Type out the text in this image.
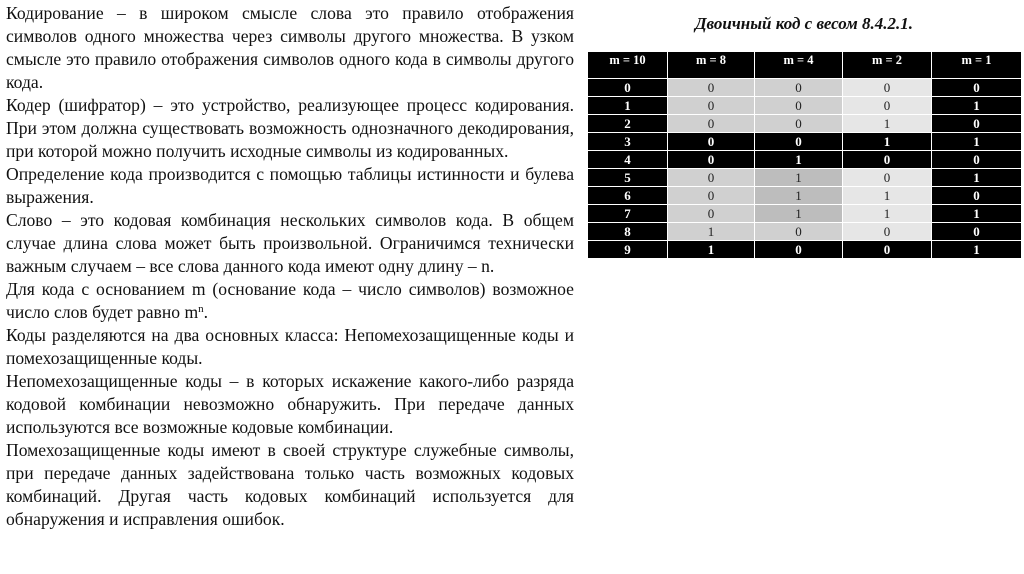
Кодирование – в широком смысле слова это правило отображения символов одного множества через символы другого множества. В узком смысле это правило отображения символов одного кода в символы другого кода.

Кодер (шифратор) – это устройство, реализующее процесс кодирования. При этом должна существовать возможность однозначного декодирования, при которой можно получить исходные символы из кодированных.

Определение кода производится с помощью таблицы истинности и булева выражения.

Слово – это кодовая комбинация нескольких символов кода. В общем случае длина слова может быть произвольной. Ограничимся технически важным случаем – все слова данного кода имеют одну длину – n.

Для кода с основанием m (основание кода – число символов) возможное число слов будет равно $m^n$.

Коды разделяются на два основных класса: Непомехозащищенные коды и помехозащищенные коды.

Непомехозащищенные коды – в которых искажение какого-либо разряда кодовой комбинации невозможно обнаружить. При передаче данных используются все возможные кодовые комбинации.

Помехозащищенные коды имеют в своей структуре служебные символы, при передаче данных задействована только часть возможных кодовых комбинаций. Другая часть кодовых комбинаций используется для обнаружения и исправления ошибок.

Двоичный код с весом 8.4.2.1.
m = 10	m = 8	m = 4	m = 2	m = 1
0	0	0	0	0
1	0	0	0	1
2	0	0	1	0
3	0	0	1	1
4	0	1	0	0
5	0	1	0	1
6	0	1	1	0
7	0	1	1	1
8	1	0	0	0
9	1	0	0	1
